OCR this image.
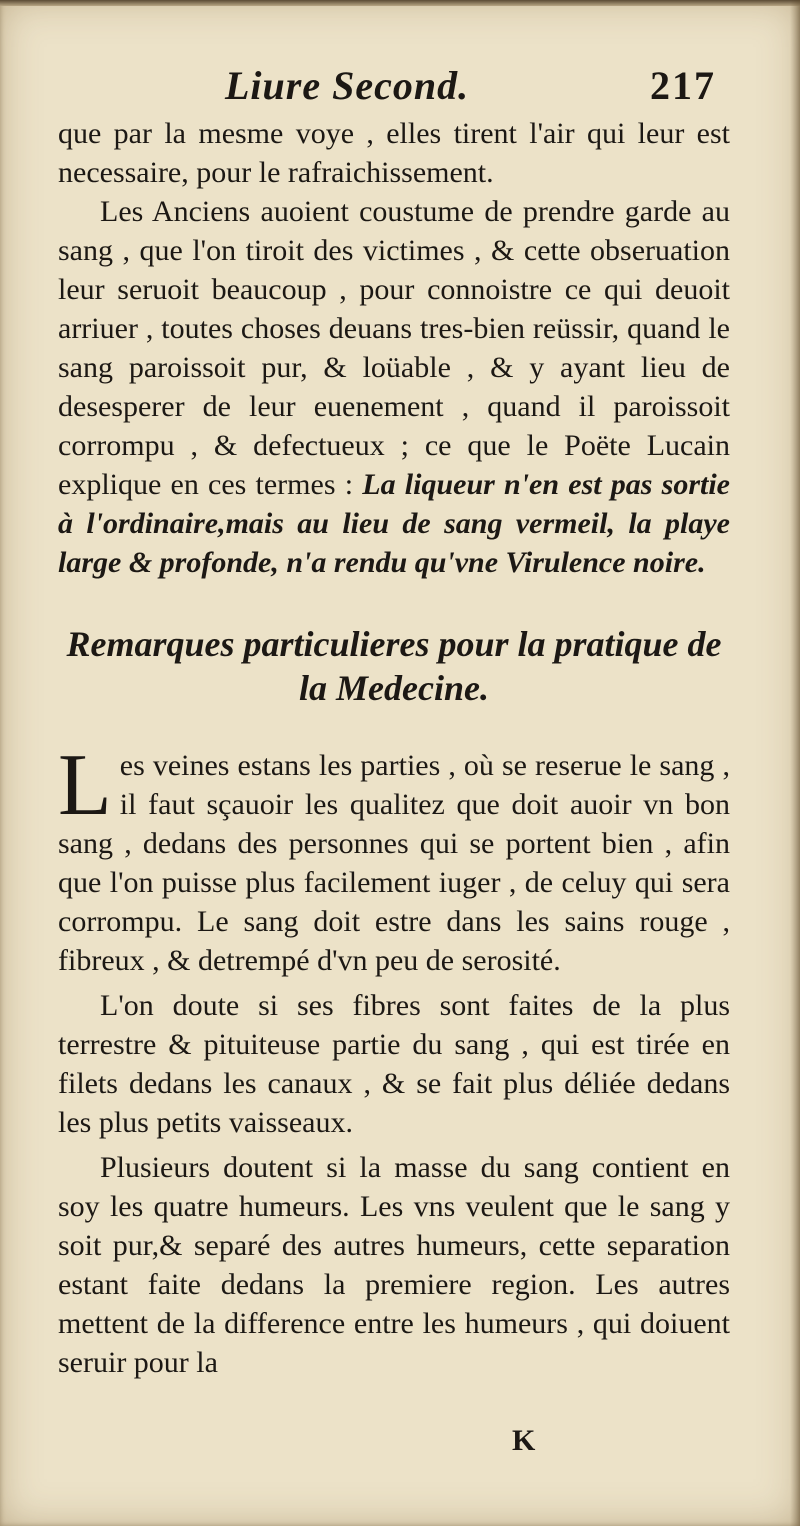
Liure Second.	217

que par la mesme voye , elles tirent l'air qui leur est necessaire, pour le rafraichissement.

Les Anciens auoient coustume de prendre garde au sang , que l'on tiroit des victimes , & cette obseruation leur seruoit beaucoup , pour connoistre ce qui deuoit arriuer , toutes choses deuans tres-bien reüssir, quand le sang paroissoit pur, & loüable , & y ayant lieu de desesperer de leur euenement , quand il paroissoit corrompu , & defectueux ; ce que le Poëte Lucain explique en ces termes : La liqueur n'en est pas sortie à l'ordinaire,mais au lieu de sang vermeil, la playe large & profonde, n'a rendu qu'vne Virulence noire.

Remarques particulieres pour la pratique de la Medecine.

L es veines estans les parties , où se reserue le sang , il faut sçauoir les qualitez que doit auoir vn bon sang , dedans des personnes qui se portent bien , afin que l'on puisse plus facilement iuger , de celuy qui sera corrompu. Le sang doit estre dans les sains rouge , fibreux , & detrempé d'vn peu de serosité.

L'on doute si ses fibres sont faites de la plus terrestre & pituiteuse partie du sang , qui est tirée en filets dedans les canaux , & se fait plus déliée dedans les plus petits vaisseaux.

Plusieurs doutent si la masse du sang contient en soy les quatre humeurs. Les vns veulent que le sang y soit pur,& separé des autres humeurs, cette separation estant faite dedans la premiere region. Les autres mettent de la difference entre les humeurs , qui doiuent seruir pour la

K
